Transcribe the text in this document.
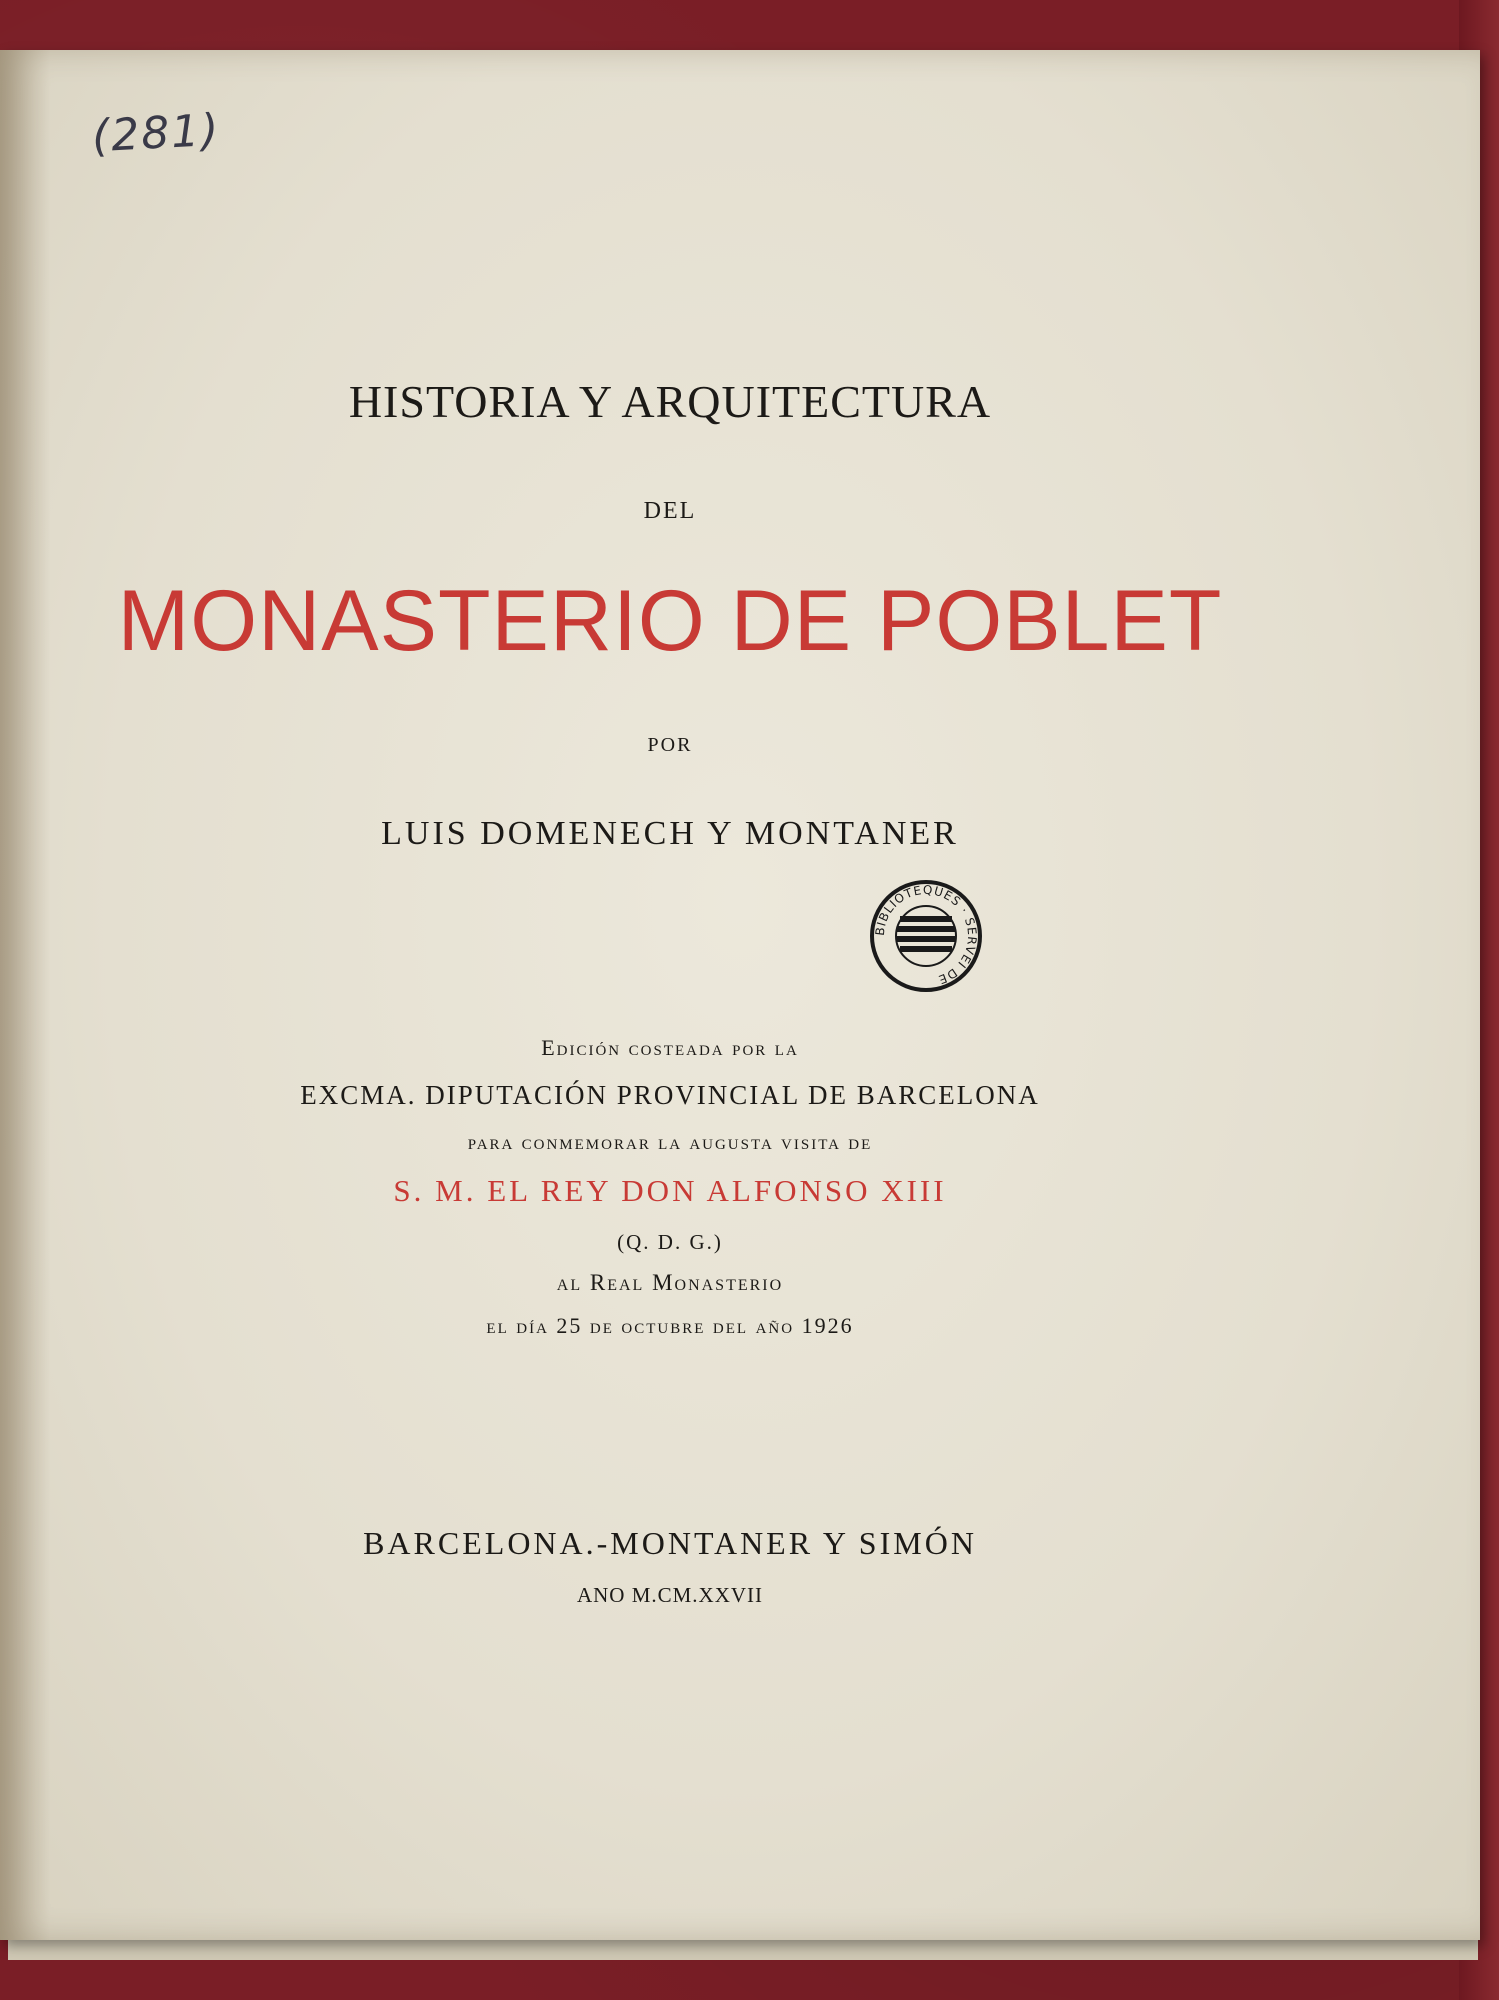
(281)
HISTORIA Y ARQUITECTURA
DEL
MONASTERIO DE POBLET
POR
LUIS DOMENECH Y MONTANER
BIBLIOTEQUES · SERVEI DE
Edición costeada por la
EXCMA. DIPUTACIÓN PROVINCIAL DE BARCELONA
para conmemorar la augusta visita de
S. M. EL REY DON ALFONSO XIII
(Q. D. G.)
al Real Monasterio
el día 25 de octubre del año 1926
BARCELONA.-MONTANER Y SIMÓN
ANO M.CM.XXVII
